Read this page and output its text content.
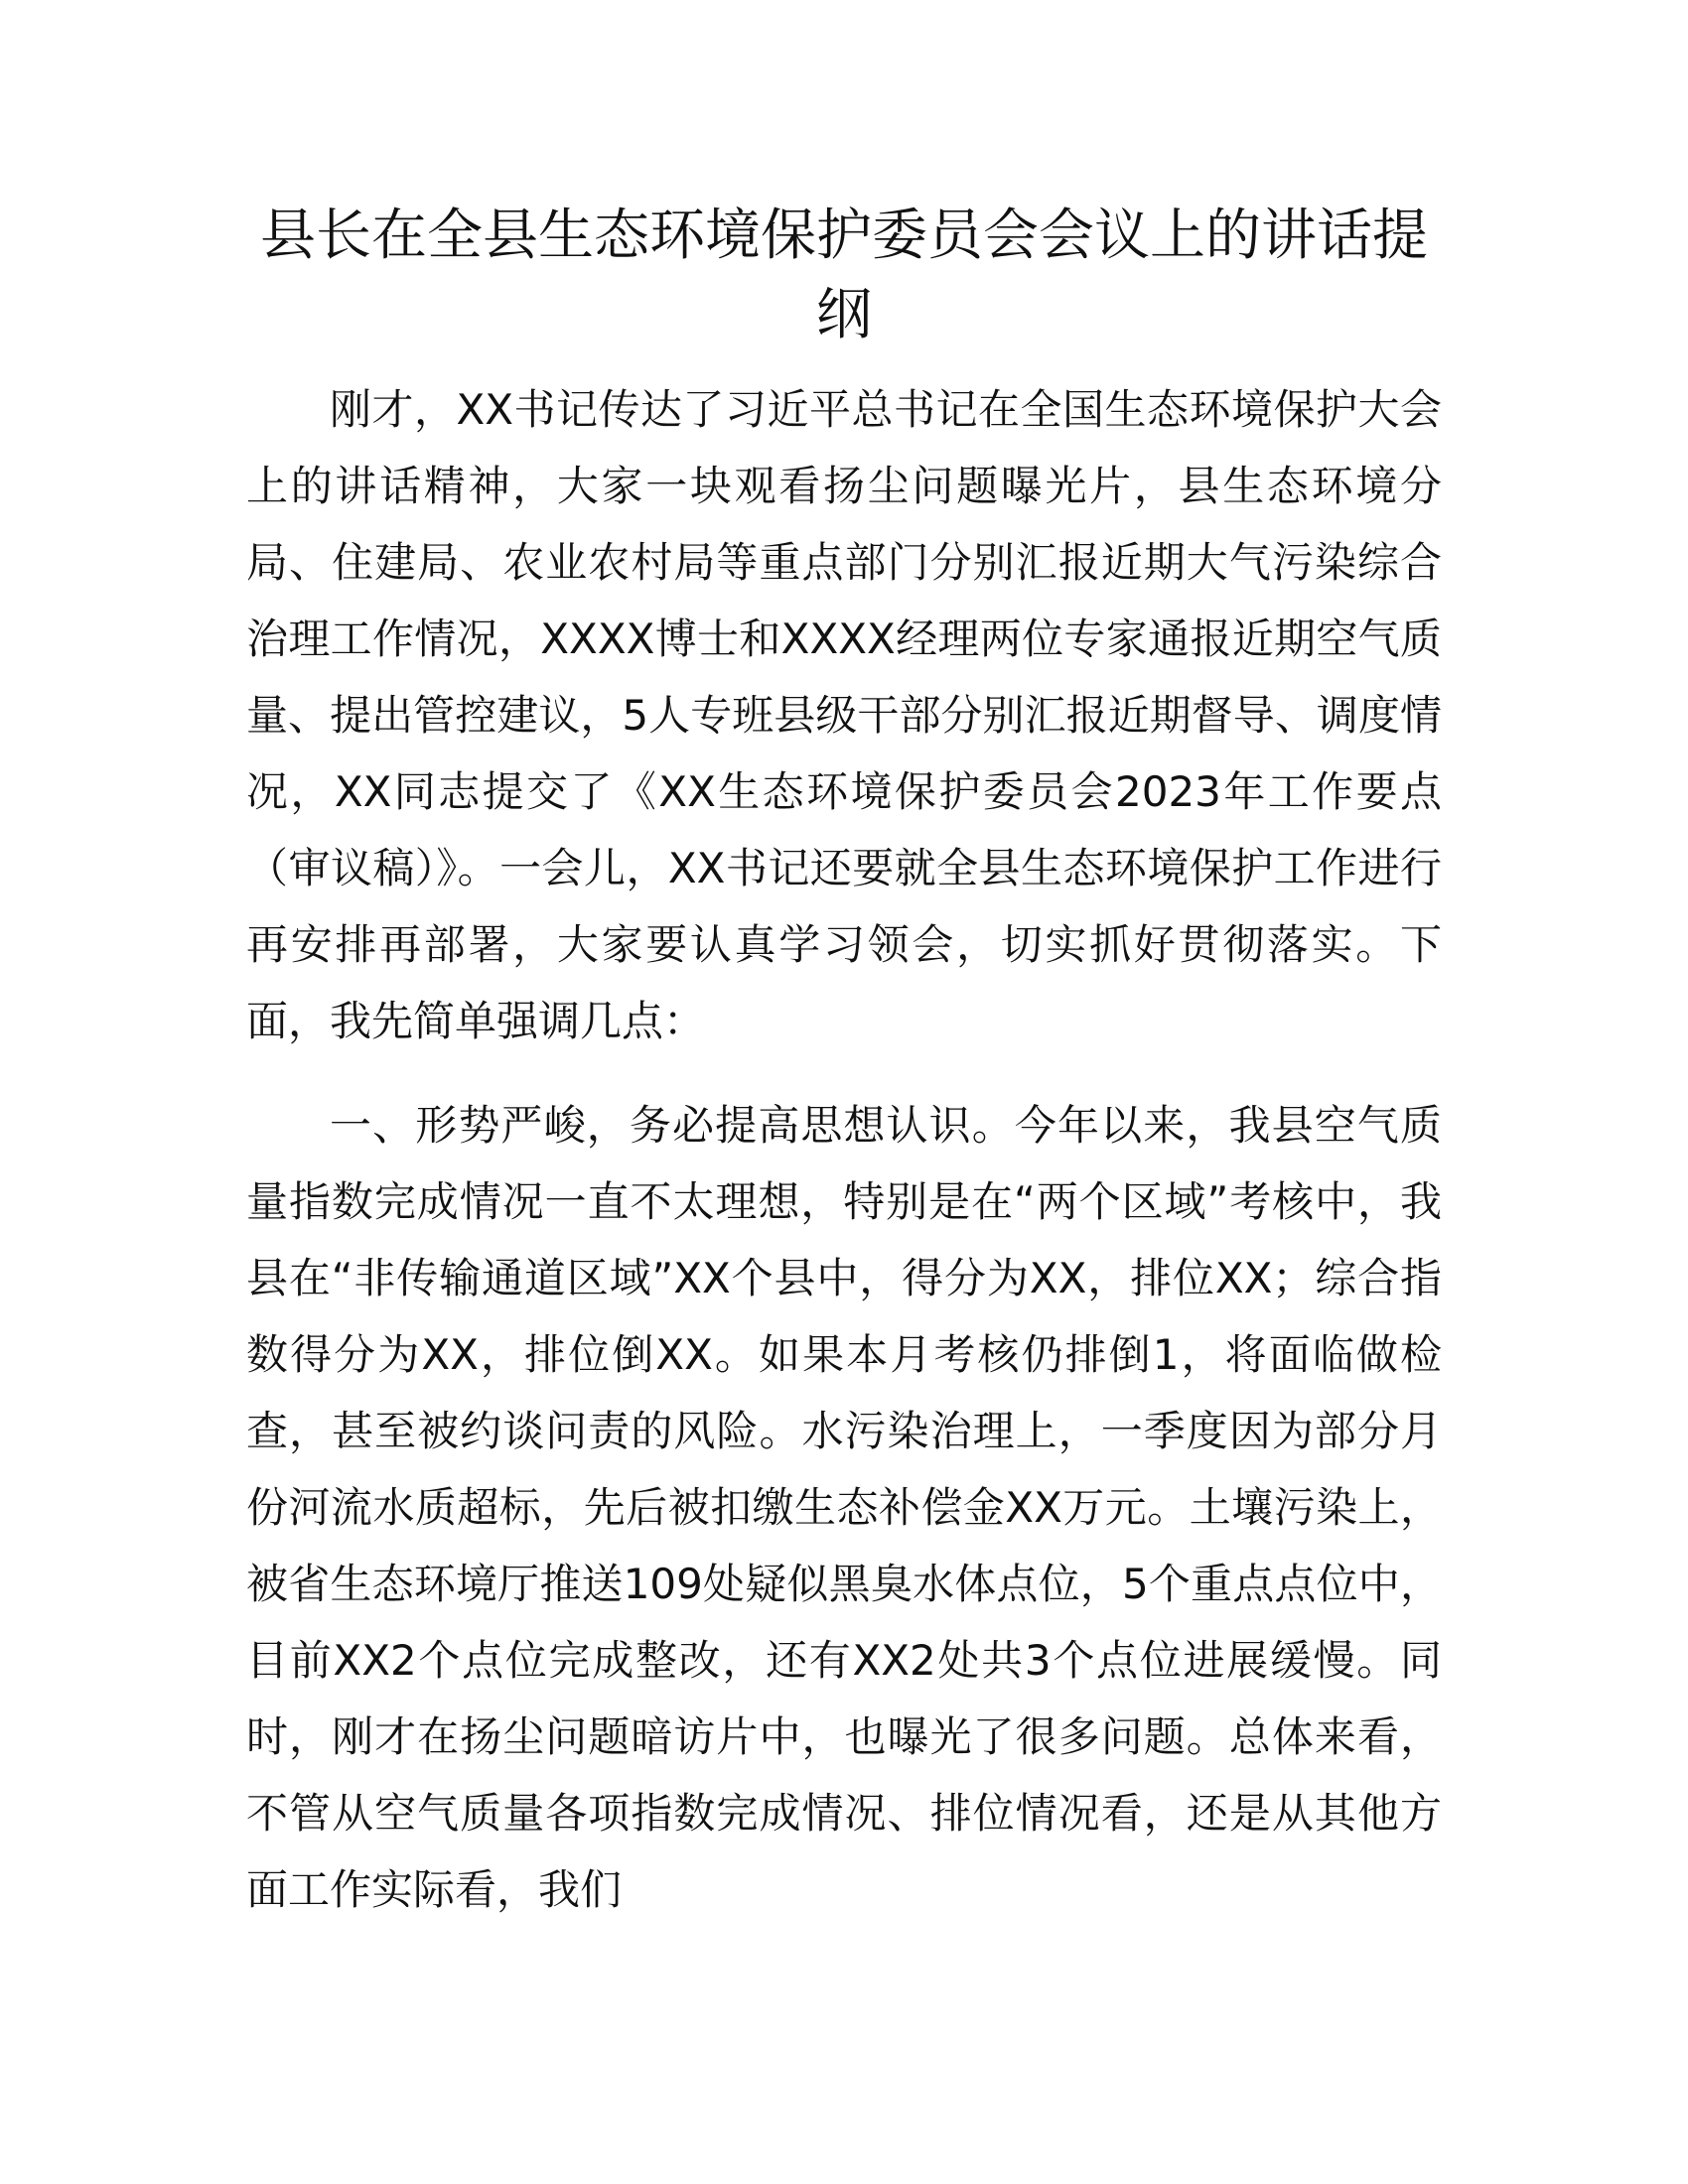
县长在全县生态环境保护委员会会议上的讲话提纲

刚才，XX书记传达了习近平总书记在全国生态环境保护大会上的讲话精神，大家一块观看扬尘问题曝光片，县生态环境分局、住建局、农业农村局等重点部门分别汇报近期大气污染综合治理工作情况，XXXX博士和XXXX经理两位专家通报近期空气质量、提出管控建议，5人专班县级干部分别汇报近期督导、调度情况，XX同志提交了《XX生态环境保护委员会2023年工作要点（审议稿）》。一会儿，XX书记还要就全县生态环境保护工作进行再安排再部署，大家要认真学习领会，切实抓好贯彻落实。下面，我先简单强调几点：

一、形势严峻，务必提高思想认识。今年以来，我县空气质量指数完成情况一直不太理想，特别是在“两个区域”考核中，我县在“非传输通道区域”XX个县中，得分为XX，排位XX；综合指数得分为XX，排位倒XX。如果本月考核仍排倒1，将面临做检查，甚至被约谈问责的风险。水污染治理上，一季度因为部分月份河流水质超标，先后被扣缴生态补偿金XX万元。土壤污染上，被省生态环境厅推送109处疑似黑臭水体点位，5个重点点位中，目前XX2个点位完成整改，还有XX2处共3个点位进展缓慢。同时，刚才在扬尘问题暗访片中，也曝光了很多问题。总体来看，不管从空气质量各项指数完成情况、排位情况看，还是从其他方面工作实际看，我们
